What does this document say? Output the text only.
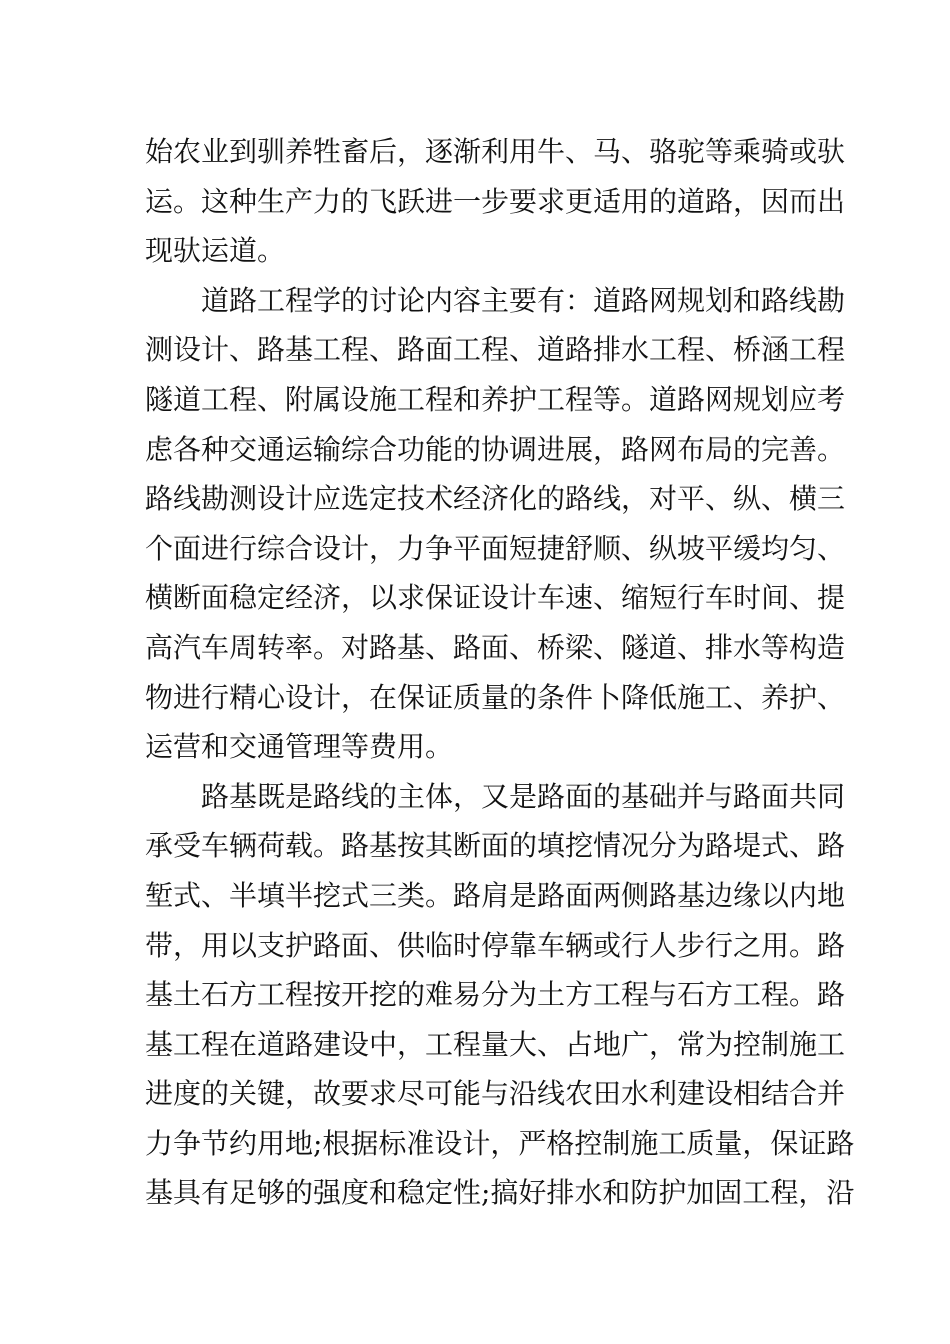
始农业到驯养牲畜后，逐渐利用牛、马、骆驼等乘骑或驮
运。这种生产力的飞跃进一步要求更适用的道路，因而出
现驮运道。
道路工程学的讨论内容主要有：道路网规划和路线勘
测设计、路基工程、路面工程、道路排水工程、桥涵工程
隧道工程、附属设施工程和养护工程等。道路网规划应考
虑各种交通运输综合功能的协调进展，路网布局的完善。
路线勘测设计应选定技术经济化的路线，对平、纵、横三
个面进行综合设计，力争平面短捷舒顺、纵坡平缓均匀、
横断面稳定经济，以求保证设计车速、缩短行车时间、提
高汽车周转率。对路基、路面、桥梁、隧道、排水等构造
物进行精心设计，在保证质量的条件卜降低施工、养护、
运营和交通管理等费用。
路基既是路线的主体，又是路面的基础并与路面共同
承受车辆荷载。路基按其断面的填挖情况分为路堤式、路
堑式、半填半挖式三类。路肩是路面两侧路基边缘以内地
带，用以支护路面、供临时停靠车辆或行人步行之用。路
基土石方工程按开挖的难易分为土方工程与石方工程。路
基工程在道路建设中，工程量大、占地广，常为控制施工
进度的关键，故要求尽可能与沿线农田水利建设相结合并
力争节约用地;根据标准设计，严格控制施工质量，保证路
基具有足够的强度和稳定性;搞好排水和防护加固工程，沿
